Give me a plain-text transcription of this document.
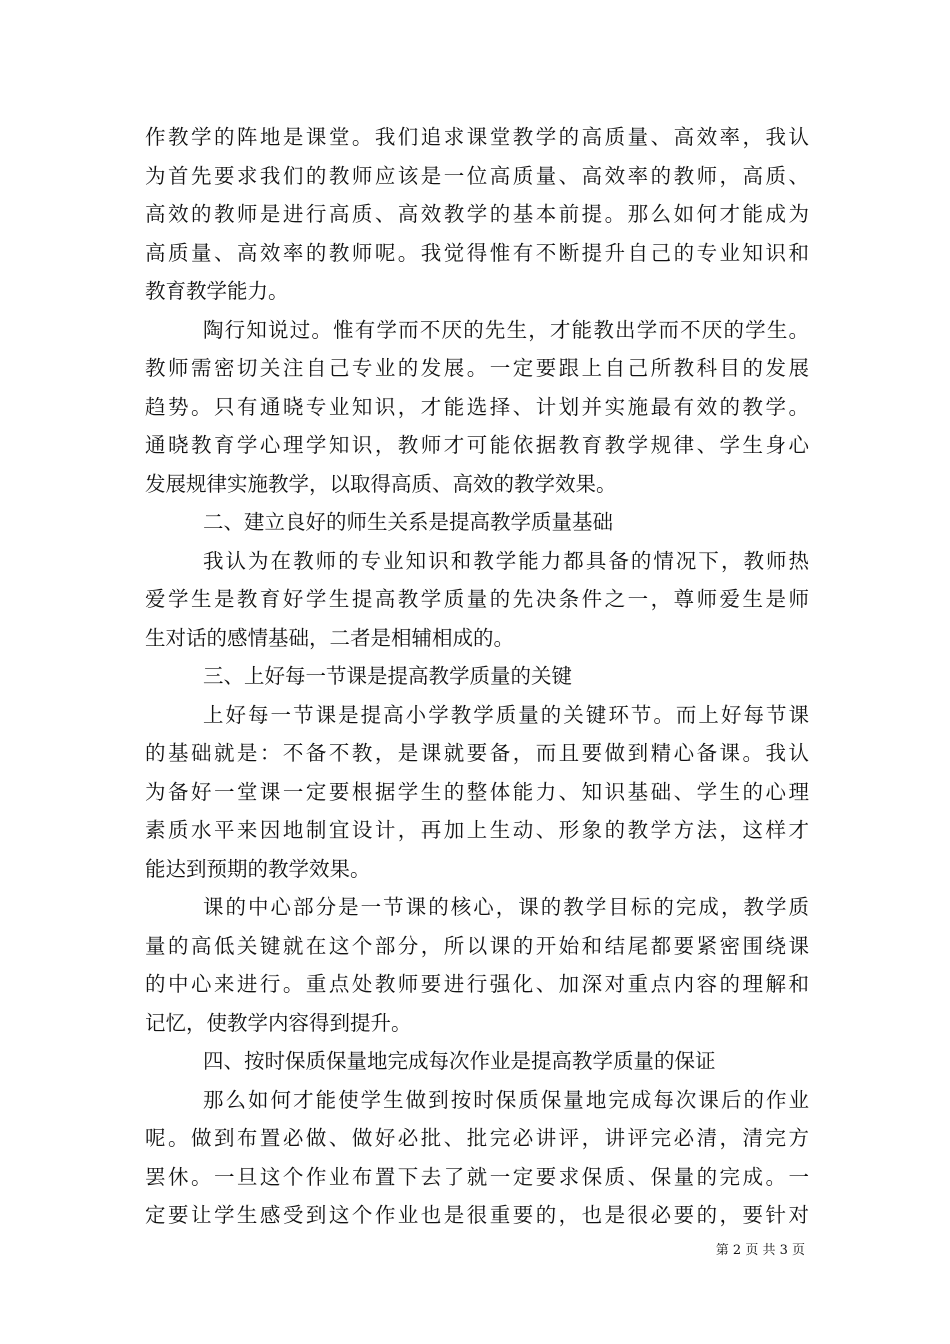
作教学的阵地是课堂。我们追求课堂教学的高质量、高效率，我认
为首先要求我们的教师应该是一位高质量、高效率的教师，高质、
高效的教师是进行高质、高效教学的基本前提。那么如何才能成为
高质量、高效率的教师呢。我觉得惟有不断提升自己的专业知识和
教育教学能力。
陶行知说过。惟有学而不厌的先生，才能教出学而不厌的学生。
教师需密切关注自己专业的发展。一定要跟上自己所教科目的发展
趋势。只有通晓专业知识，才能选择、计划并实施最有效的教学。
通晓教育学心理学知识，教师才可能依据教育教学规律、学生身心
发展规律实施教学，以取得高质、高效的教学效果。
二、建立良好的师生关系是提高教学质量基础
我认为在教师的专业知识和教学能力都具备的情况下，教师热
爱学生是教育好学生提高教学质量的先决条件之一，尊师爱生是师
生对话的感情基础，二者是相辅相成的。
三、上好每一节课是提高教学质量的关键
上好每一节课是提高小学教学质量的关键环节。而上好每节课
的基础就是：不备不教，是课就要备，而且要做到精心备课。我认
为备好一堂课一定要根据学生的整体能力、知识基础、学生的心理
素质水平来因地制宜设计，再加上生动、形象的教学方法，这样才
能达到预期的教学效果。
课的中心部分是一节课的核心，课的教学目标的完成，教学质
量的高低关键就在这个部分，所以课的开始和结尾都要紧密围绕课
的中心来进行。重点处教师要进行强化、加深对重点内容的理解和
记忆，使教学内容得到提升。
四、按时保质保量地完成每次作业是提高教学质量的保证
那么如何才能使学生做到按时保质保量地完成每次课后的作业
呢。做到布置必做、做好必批、批完必讲评，讲评完必清，清完方
罢休。一旦这个作业布置下去了就一定要求保质、保量的完成。一
定要让学生感受到这个作业也是很重要的，也是很必要的，要针对
第 2 页 共 3 页
